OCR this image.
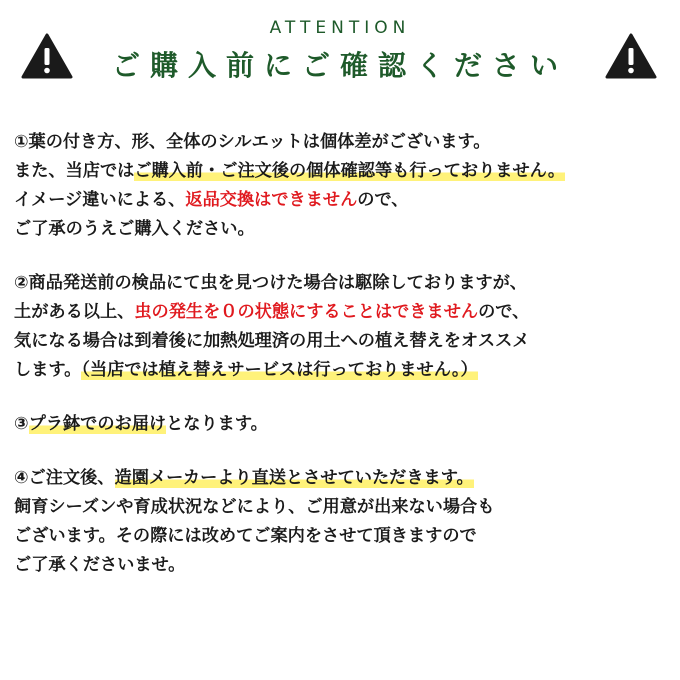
ATTENTION
ご購入前にご確認ください
①葉の付き方、形、全体のシルエットは個体差がございます。
また、当店ではご購入前・ご注文後の個体確認等も行っておりません。
イメージ違いによる、返品交換はできませんので、
ご了承のうえご購入ください。
②商品発送前の検品にて虫を見つけた場合は駆除しておりますが、
土がある以上、虫の発生を０の状態にすることはできませんので、
気になる場合は到着後に加熱処理済の用土への植え替えをオススメ
します。（当店では植え替えサービスは行っておりません。）
③プラ鉢でのお届けとなります。
④ご注文後、造園メーカーより直送とさせていただきます。
飼育シーズンや育成状況などにより、ご用意が出来ない場合も
ございます。その際には改めてご案内をさせて頂きますので
ご了承くださいませ。
